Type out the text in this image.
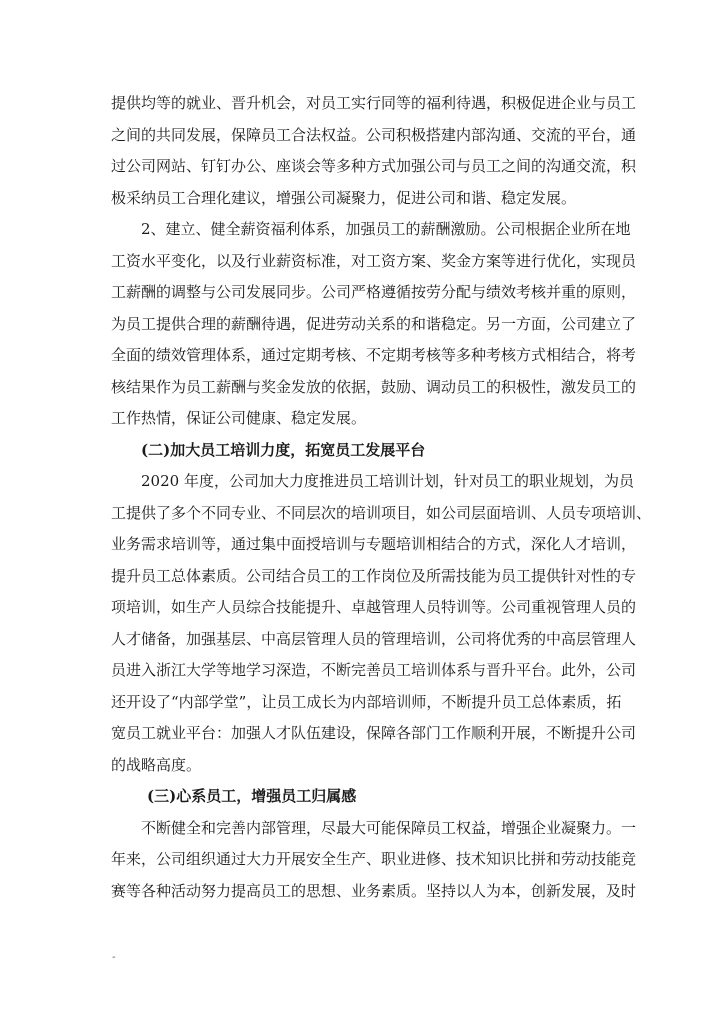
提供均等的就业、晋升机会，对员工实行同等的福利待遇，积极促进企业与员工
之间的共同发展，保障员工合法权益。公司积极搭建内部沟通、交流的平台，通
过公司网站、钉钉办公、座谈会等多种方式加强公司与员工之间的沟通交流，积
极采纳员工合理化建议，增强公司凝聚力，促进公司和谐、稳定发展。
　　2、建立、健全薪资福利体系，加强员工的薪酬激励。公司根据企业所在地
工资水平变化，以及行业薪资标准，对工资方案、奖金方案等进行优化，实现员
工薪酬的调整与公司发展同步。公司严格遵循按劳分配与绩效考核并重的原则，
为员工提供合理的薪酬待遇，促进劳动关系的和谐稳定。另一方面，公司建立了
全面的绩效管理体系，通过定期考核、不定期考核等多种考核方式相结合，将考
核结果作为员工薪酬与奖金发放的依据，鼓励、调动员工的积极性，激发员工的
工作热情，保证公司健康、稳定发展。
(二)加大员工培训力度，拓宽员工发展平台
　　2020 年度，公司加大力度推进员工培训计划，针对员工的职业规划，为员
工提供了多个不同专业、不同层次的培训项目，如公司层面培训、人员专项培训、
业务需求培训等，通过集中面授培训与专题培训相结合的方式，深化人才培训，
提升员工总体素质。公司结合员工的工作岗位及所需技能为员工提供针对性的专
项培训，如生产人员综合技能提升、卓越管理人员特训等。公司重视管理人员的
人才储备，加强基层、中高层管理人员的管理培训，公司将优秀的中高层管理人
员进入浙江大学等地学习深造，不断完善员工培训体系与晋升平台。此外，公司
还开设了“内部学堂”，让员工成长为内部培训师，不断提升员工总体素质，拓
宽员工就业平台：加强人才队伍建设，保障各部门工作顺利开展，不断提升公司
的战略高度。
(三)心系员工，增强员工归属感
　　不断健全和完善内部管理，尽最大可能保障员工权益，增强企业凝聚力。一
年来，公司组织通过大力开展安全生产、职业进修、技术知识比拼和劳动技能竞
赛等各种活动努力提高员工的思想、业务素质。坚持以人为本，创新发展，及时
-
